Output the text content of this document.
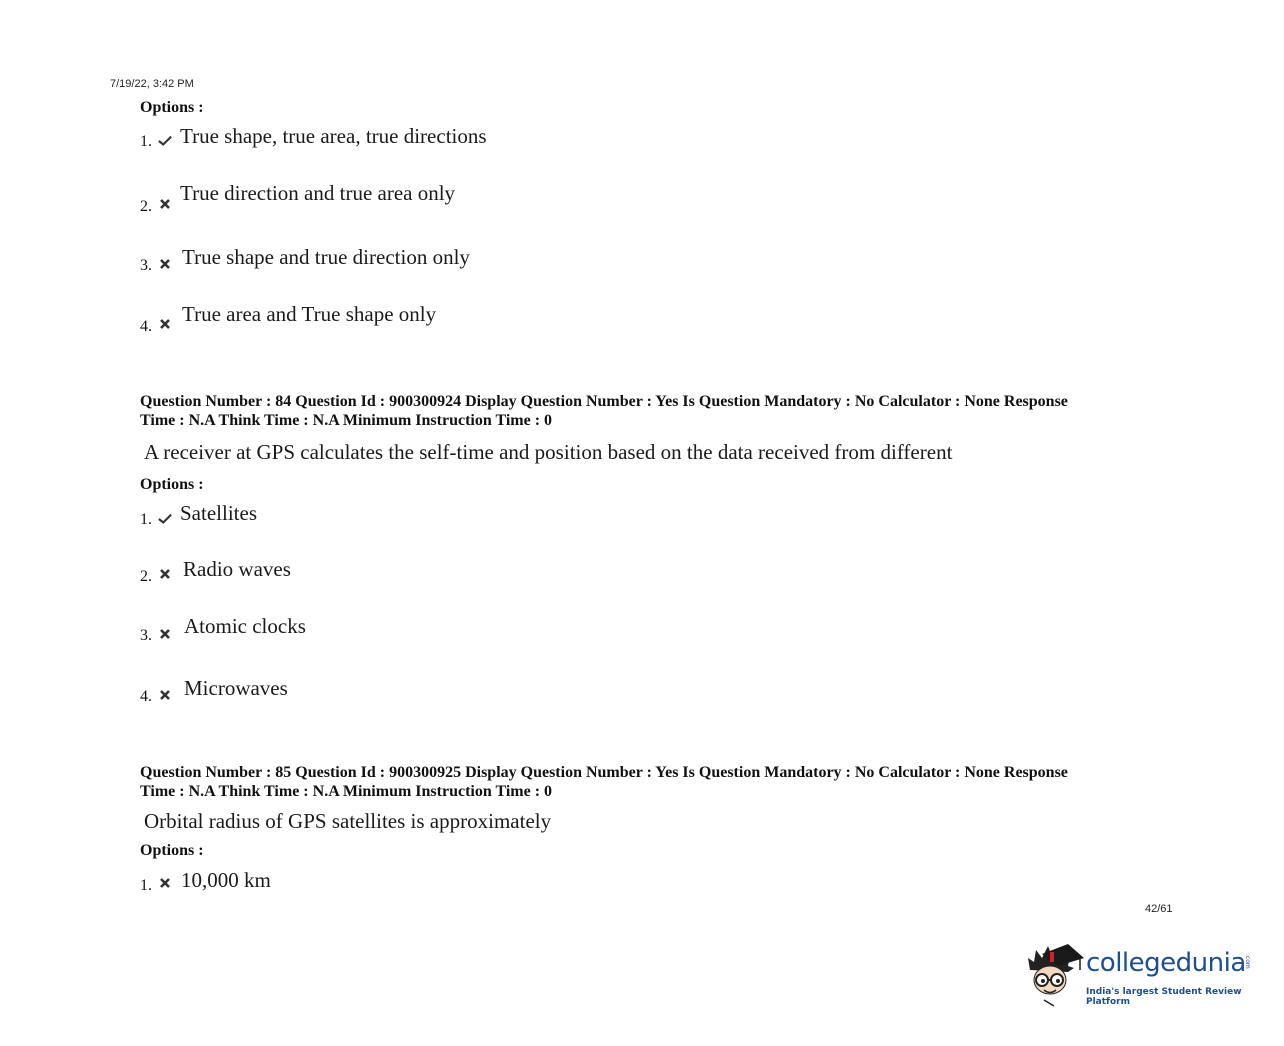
7/19/22, 3:42 PM
Options :
1. True shape, true area, true directions
2.
True direction and true area only
3. True shape and true direction only
4.
True area and True shape only
Question Number : 84 Question Id : 900300924 Display Question Number : Yes Is Question Mandatory : No Calculator : None Response
Time : N.A Think Time : N.A Minimum Instruction Time : 0
A receiver at GPS calculates the self-time and position based on the data received from different
Options :
1. Satellites
2. Radio waves
3. Atomic clocks
4. Microwaves
Question Number : 85 Question Id : 900300925 Display Question Number : Yes Is Question Mandatory : No Calculator : None Response
Time : N.A Think Time : N.A Minimum Instruction Time : 0
Orbital radius of GPS satellites is approximately
Options :
1. 10,000 km
42/61
collegedunia
.com
India's largest Student Review Platform
